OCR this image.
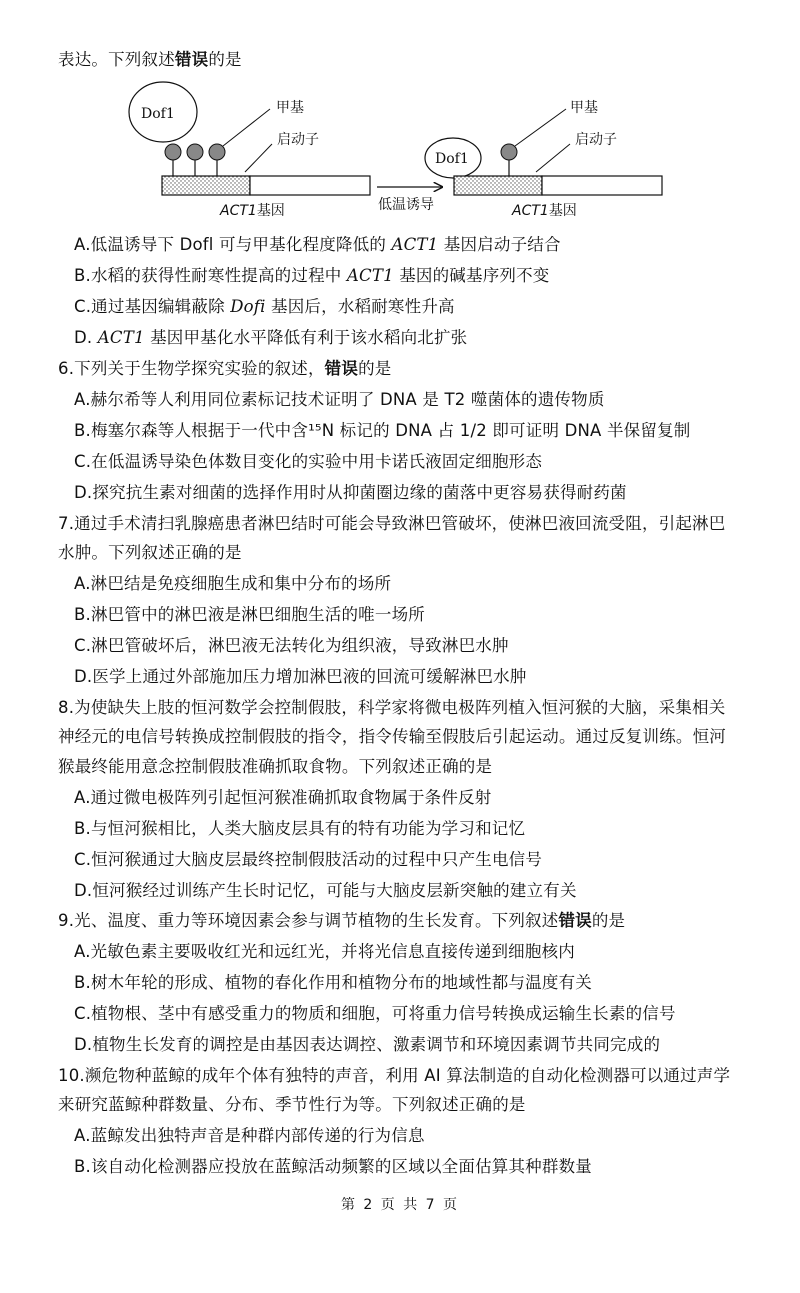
表达。下列叙述错误的是
Dof1	甲基
启动子
ACT1基因	低温诱导
Dof1
甲基
启动子
ACT1基因
A.低温诱导下 Dofl 可与甲基化程度降低的 ACT1 基因启动子结合
B.水稻的获得性耐寒性提高的过程中 ACT1 基因的碱基序列不变
C.通过基因编辑蔽除 Dofi 基因后，水稻耐寒性升高
D. ACT1 基因甲基化水平降低有利于该水稻向北扩张
6.下列关于生物学探究实验的叙述，错误的是
A.赫尔希等人利用同位素标记技术证明了 DNA 是 T2 噬菌体的遗传物质
B.梅塞尔森等人根据于一代中含¹⁵N 标记的 DNA 占 1/2 即可证明 DNA 半保留复制
C.在低温诱导染色体数目变化的实验中用卡诺氏液固定细胞形态
D.探究抗生素对细菌的选择作用时从抑菌圈边缘的菌落中更容易获得耐药菌
7.通过手术清扫乳腺癌患者淋巴结时可能会导致淋巴管破坏，使淋巴液回流受阻，引起淋巴
水肿。下列叙述正确的是
A.淋巴结是免疫细胞生成和集中分布的场所
B.淋巴管中的淋巴液是淋巴细胞生活的唯一场所
C.淋巴管破坏后，淋巴液无法转化为组织液，导致淋巴水肿
D.医学上通过外部施加压力增加淋巴液的回流可缓解淋巴水肿
8.为使缺失上肢的恒河数学会控制假肢，科学家将微电极阵列植入恒河猴的大脑，采集相关
神经元的电信号转换成控制假肢的指令，指令传输至假肢后引起运动。通过反复训练。恒河
猴最终能用意念控制假肢准确抓取食物。下列叙述正确的是
A.通过微电极阵列引起恒河猴准确抓取食物属于条件反射
B.与恒河猴相比，人类大脑皮层具有的特有功能为学习和记忆
C.恒河猴通过大脑皮层最终控制假肢活动的过程中只产生电信号
D.恒河猴经过训练产生长时记忆，可能与大脑皮层新突触的建立有关
9.光、温度、重力等环境因素会参与调节植物的生长发育。下列叙述错误的是
A.光敏色素主要吸收红光和远红光，并将光信息直接传递到细胞核内
B.树木年轮的形成、植物的春化作用和植物分布的地域性都与温度有关
C.植物根、茎中有感受重力的物质和细胞，可将重力信号转换成运输生长素的信号
D.植物生长发育的调控是由基因表达调控、激素调节和环境因素调节共同完成的
10.濒危物种蓝鲸的成年个体有独特的声音，利用 AI 算法制造的自动化检测器可以通过声学
来研究蓝鲸种群数量、分布、季节性行为等。下列叙述正确的是
A.蓝鲸发出独特声音是种群内部传递的行为信息
B.该自动化检测器应投放在蓝鲸活动频繁的区域以全面估算其种群数量
第 2 页 共 7 页
